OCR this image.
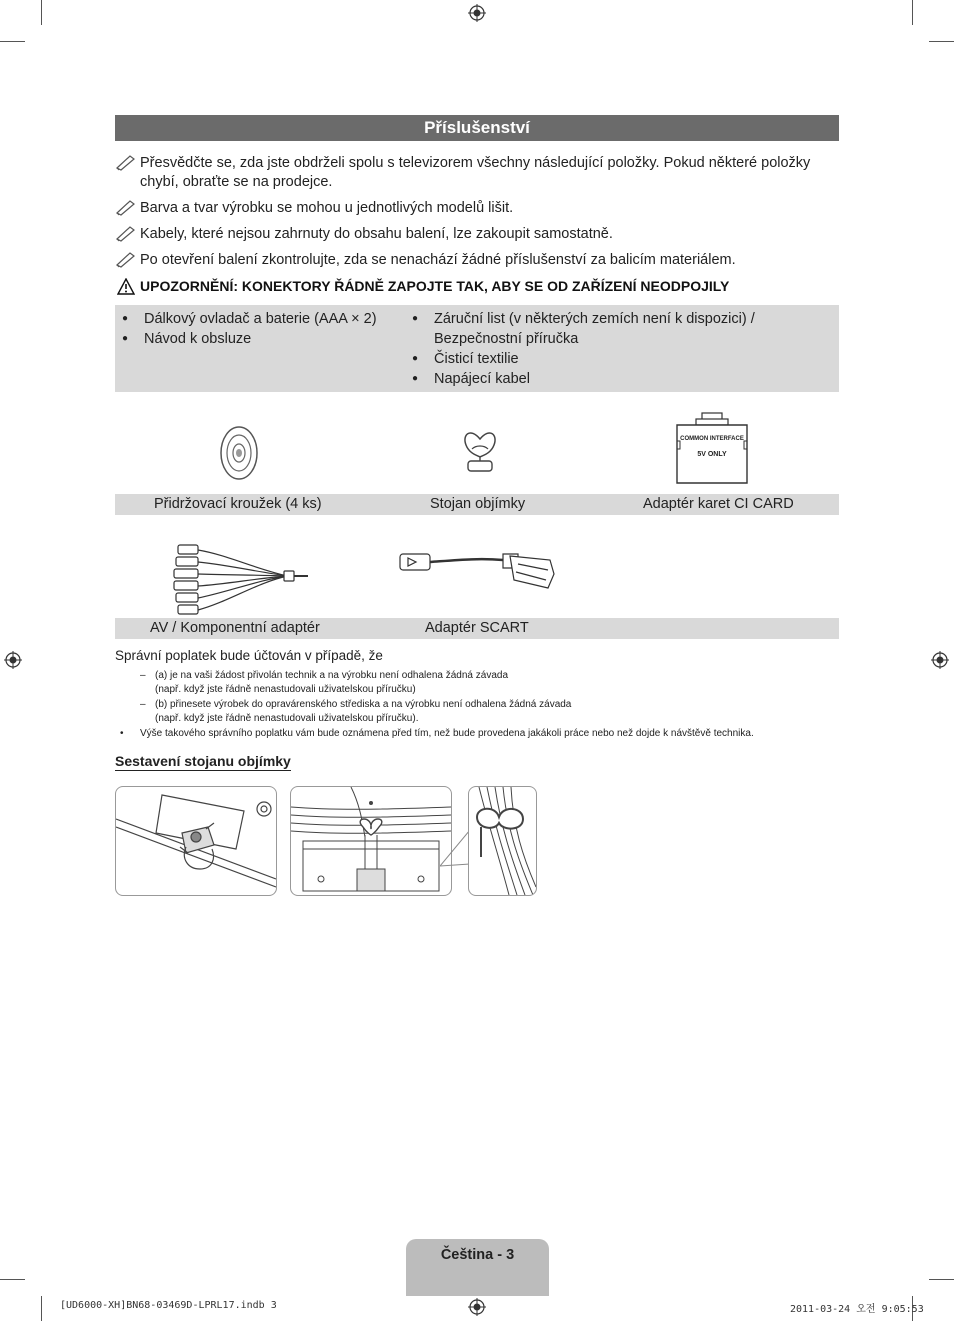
Příslušenství
Přesvědčte se, zda jste obdrželi spolu s televizorem všechny následující položky. Pokud některé položky chybí, obraťte se na prodejce.
Barva a tvar výrobku se mohou u jednotlivých modelů lišit.
Kabely, které nejsou zahrnuty do obsahu balení, lze zakoupit samostatně.
Po otevření balení zkontrolujte, zda se nenachází žádné příslušenství za balicím materiálem.
UPOZORNĚNÍ: KONEKTORY ŘÁDNĚ ZAPOJTE TAK, ABY SE OD ZAŘÍZENÍ NEODPOJILY
● Dálkový ovladač a baterie (AAA × 2)
● Návod k obsluze
● Záruční list (v některých zemích není k dispozici) / Bezpečnostní příručka
● Čisticí textilie
● Napájecí kabel
COMMON INTERFACE
5V ONLY
Přidržovací kroužek (4 ks)	Stojan objímky	Adaptér karet CI CARD
AV / Komponentní adaptér	Adaptér SCART
Správní poplatek bude účtován v případě, že
– (a) je na vaši žádost přivolán technik a na výrobku není odhalena žádná závada
(např. když jste řádně nenastudovali uživatelskou příručku)
– (b) přinesete výrobek do opravárenského střediska a na výrobku není odhalena žádná závada
(např. když jste řádně nenastudovali uživatelskou příručku).
• Výše takového správního poplatku vám bude oznámena před tím, než bude provedena jakákoli práce nebo než dojde k návštěvě technika.
Sestavení stojanu objímky
Čeština - 3
[UD6000-XH]BN68-03469D-LPRL17.indb 3	2011-03-24 오전 9:05:53
